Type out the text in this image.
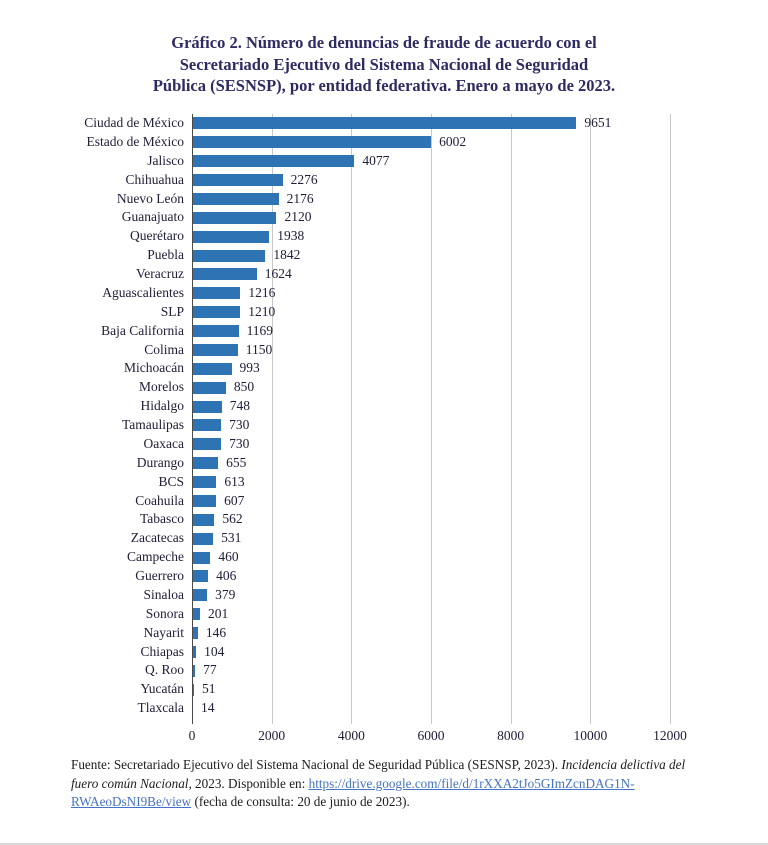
Gráfico 2. Número de denuncias de fraude de acuerdo con el
Secretariado Ejecutivo del Sistema Nacional de Seguridad
Pública (SESNSP), por entidad federativa. Enero a mayo de 2023.
Ciudad de México	9651
Estado de México	6002
Jalisco	4077
Chihuahua	2276
Nuevo León	2176
Guanajuato	2120
Querétaro	1938
Puebla	1842
Veracruz	1624
Aguascalientes	1216
SLP	1210
Baja California	1169
Colima	1150
Michoacán	993
Morelos	850
Hidalgo	748
Tamaulipas	730
Oaxaca	730
Durango	655
BCS	613
Coahuila	607
Tabasco	562
Zacatecas	531
Campeche	460
Guerrero 406
Sinaloa 379
Sonora 201
Nayarit 146
Chiapas 104
Q. Roo 77
Yucatán 51
Tlaxcala 14
0	2000	4000	6000	8000	10000	12000
Fuente: Secretariado Ejecutivo del Sistema Nacional de Seguridad Pública (SESNSP, 2023). Incidencia delictiva del fuero común Nacional, 2023. Disponible en: https://drive.google.com/file/d/1rXXA2tJo5GImZcnDAG1N-RWAeoDsNI9Be/view (fecha de consulta: 20 de junio de 2023).
